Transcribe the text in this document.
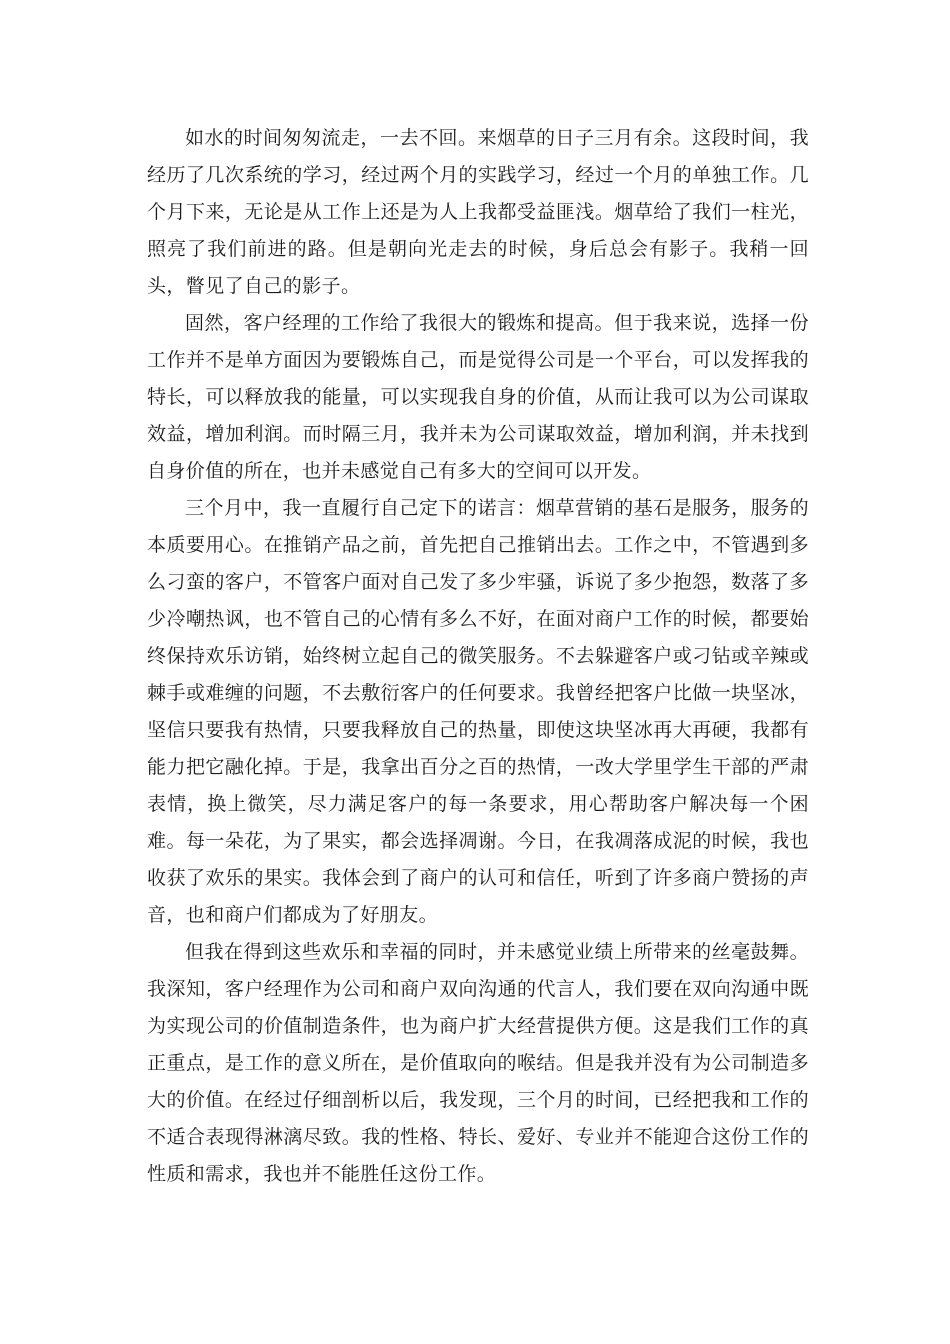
如水的时间匆匆流走，一去不回。来烟草的日子三月有余。这段时间，我经历了几次系统的学习，经过两个月的实践学习，经过一个月的单独工作。几个月下来，无论是从工作上还是为人上我都受益匪浅。烟草给了我们一柱光，照亮了我们前进的路。但是朝向光走去的时候，身后总会有影子。我稍一回头，瞥见了自己的影子。

固然，客户经理的工作给了我很大的锻炼和提高。但于我来说，选择一份工作并不是单方面因为要锻炼自己，而是觉得公司是一个平台，可以发挥我的特长，可以释放我的能量，可以实现我自身的价值，从而让我可以为公司谋取效益，增加利润。而时隔三月，我并未为公司谋取效益，增加利润，并未找到自身价值的所在，也并未感觉自己有多大的空间可以开发。

三个月中，我一直履行自己定下的诺言：烟草营销的基石是服务，服务的本质要用心。在推销产品之前，首先把自己推销出去。工作之中，不管遇到多么刁蛮的客户，不管客户面对自己发了多少牢骚，诉说了多少抱怨，数落了多少冷嘲热讽，也不管自己的心情有多么不好，在面对商户工作的时候，都要始终保持欢乐访销，始终树立起自己的微笑服务。不去躲避客户或刁钻或辛辣或棘手或难缠的问题，不去敷衍客户的任何要求。我曾经把客户比做一块坚冰，坚信只要我有热情，只要我释放自己的热量，即使这块坚冰再大再硬，我都有能力把它融化掉。于是，我拿出百分之百的热情，一改大学里学生干部的严肃表情，换上微笑，尽力满足客户的每一条要求，用心帮助客户解决每一个困难。每一朵花，为了果实，都会选择凋谢。今日，在我凋落成泥的时候，我也收获了欢乐的果实。我体会到了商户的认可和信任，听到了许多商户赞扬的声音，也和商户们都成为了好朋友。

但我在得到这些欢乐和幸福的同时，并未感觉业绩上所带来的丝毫鼓舞。我深知，客户经理作为公司和商户双向沟通的代言人，我们要在双向沟通中既为实现公司的价值制造条件，也为商户扩大经营提供方便。这是我们工作的真正重点，是工作的意义所在，是价值取向的喉结。但是我并没有为公司制造多大的价值。在经过仔细剖析以后，我发现，三个月的时间，已经把我和工作的不适合表现得淋漓尽致。我的性格、特长、爱好、专业并不能迎合这份工作的性质和需求，我也并不能胜任这份工作。
